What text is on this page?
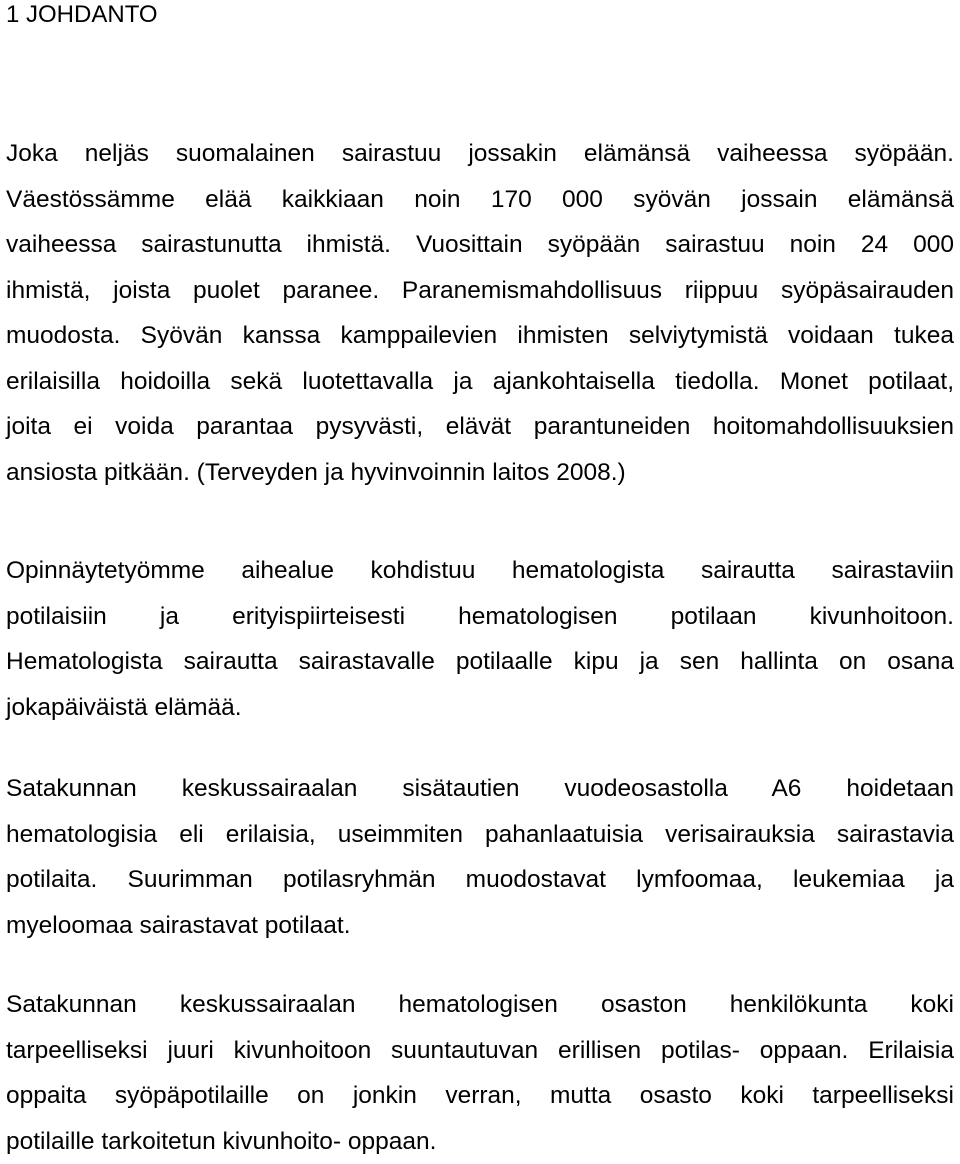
1 JOHDANTO
Joka neljäs suomalainen sairastuu jossakin elämänsä vaiheessa syöpään.
Väestössämme elää kaikkiaan noin 170 000 syövän jossain elämänsä
vaiheessa sairastunutta ihmistä. Vuosittain syöpään sairastuu noin 24 000
ihmistä, joista puolet paranee. Paranemismahdollisuus riippuu syöpäsairauden
muodosta. Syövän kanssa kamppailevien ihmisten selviytymistä voidaan tukea
erilaisilla hoidoilla sekä luotettavalla ja ajankohtaisella tiedolla. Monet potilaat,
joita ei voida parantaa pysyvästi, elävät parantuneiden hoitomahdollisuuksien
ansiosta pitkään. (Terveyden ja hyvinvoinnin laitos 2008.)
Opinnäytetyömme aihealue kohdistuu hematologista sairautta sairastaviin
potilaisiin ja erityispiirteisesti hematologisen potilaan kivunhoitoon.
Hematologista sairautta sairastavalle potilaalle kipu ja sen hallinta on osana
jokapäiväistä elämää.
Satakunnan keskussairaalan sisätautien vuodeosastolla A6 hoidetaan
hematologisia eli erilaisia, useimmiten pahanlaatuisia verisairauksia sairastavia
potilaita. Suurimman potilasryhmän muodostavat lymfoomaa, leukemiaa ja
myeloomaa sairastavat potilaat.
Satakunnan keskussairaalan hematologisen osaston henkilökunta koki
tarpeelliseksi juuri kivunhoitoon suuntautuvan erillisen potilas- oppaan. Erilaisia
oppaita syöpäpotilaille on jonkin verran, mutta osasto koki tarpeelliseksi
potilaille tarkoitetun kivunhoito- oppaan.
